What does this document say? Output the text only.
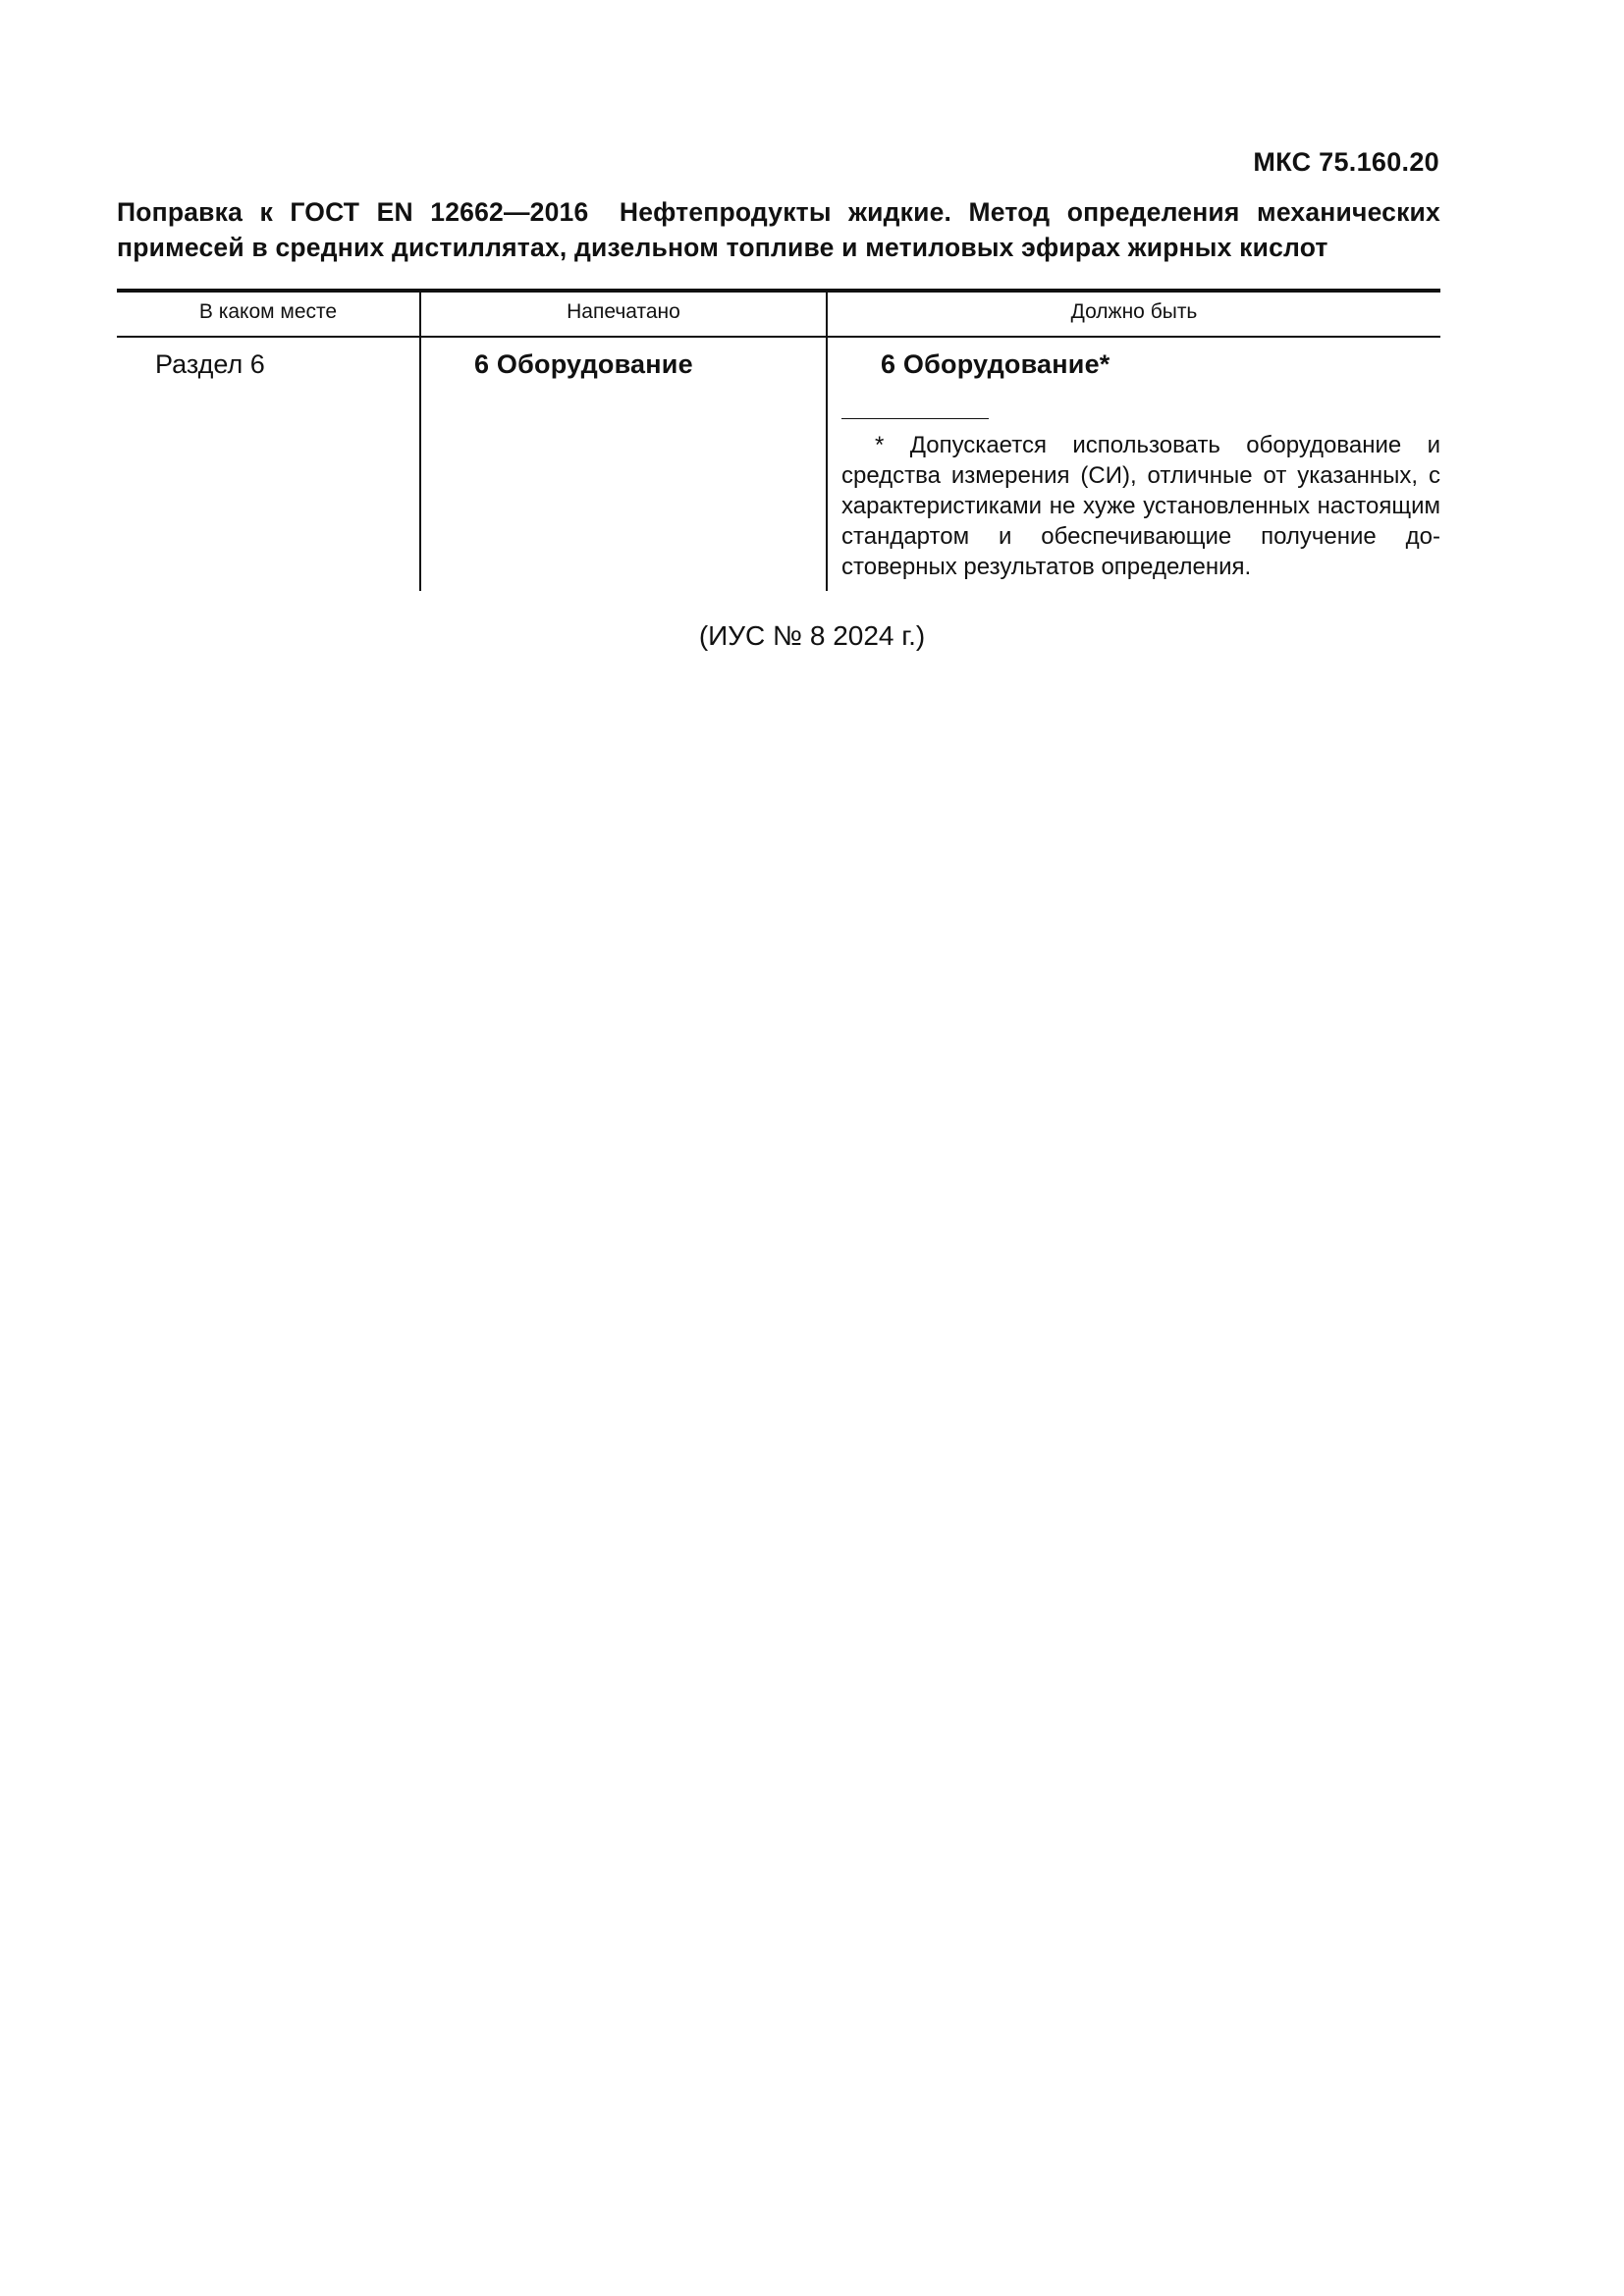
МКС 75.160.20
Поправка к ГОСТ EN 12662—2016 Нефтепродукты жидкие. Метод определения механических примесей в средних дистиллятах, дизельном топливе и метиловых эфирах жирных кислот
В каком месте	Напечатано	Должно быть
Раздел 6	6 Оборудование	6 Оборудование*
* Допускается использовать оборудование и средства измерения (СИ), отличные от указанных, с характеристиками не хуже установленных настоящим стандартом и обеспечивающие получение достоверных результатов определения.
(ИУС № 8 2024 г.)
